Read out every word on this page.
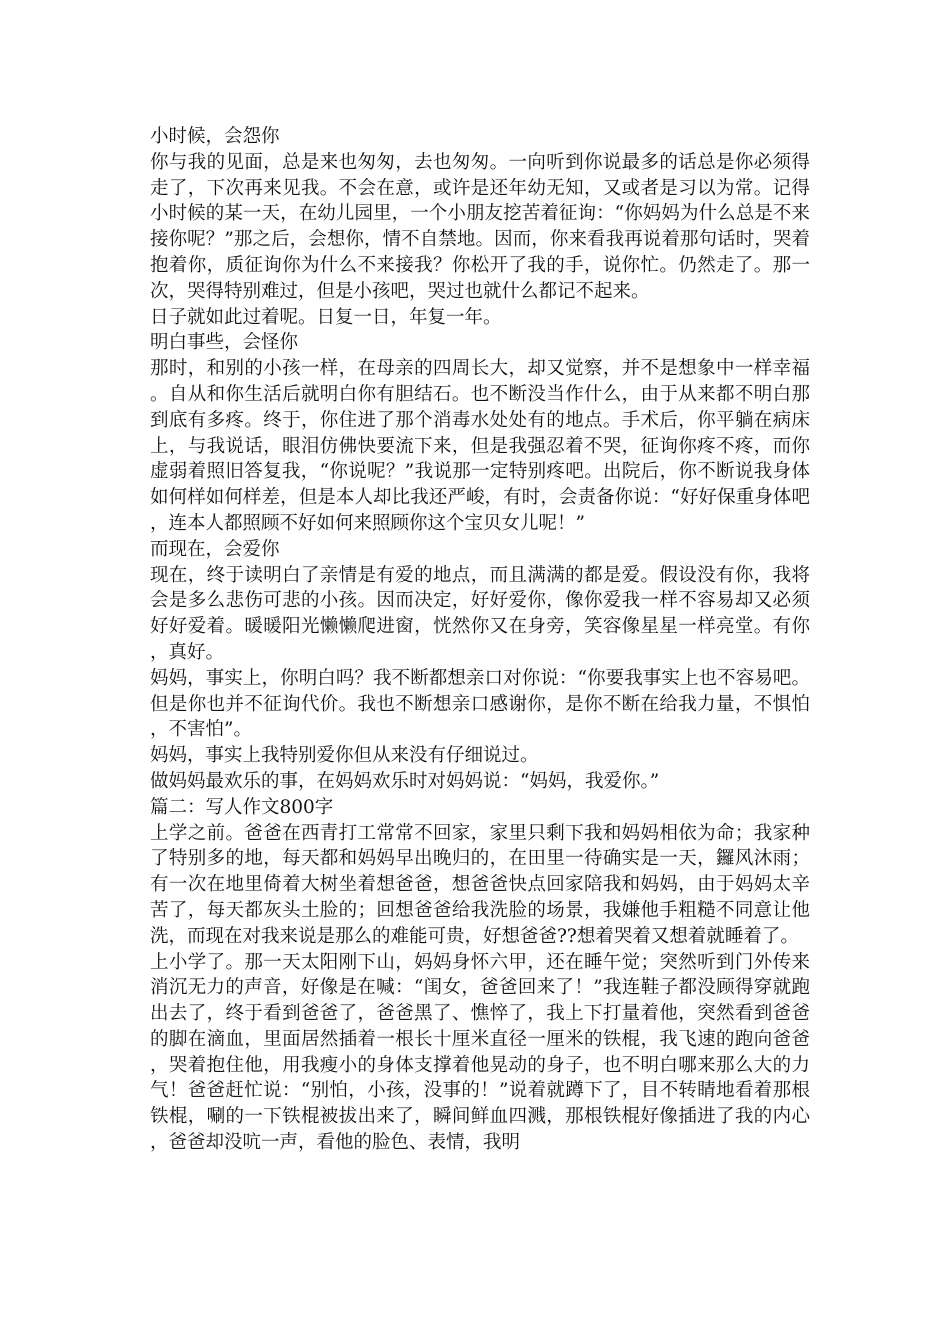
小时候，会怨你

你与我的见面，总是来也匆匆，去也匆匆。一向听到你说最多的话总是你必须得走了，下次再来见我。不会在意，或许是还年幼无知，又或者是习以为常。记得小时候的某一天，在幼儿园里，一个小朋友挖苦着征询：“你妈妈为什么总是不来接你呢？”那之后，会想你，情不自禁地。因而，你来看我再说着那句话时，哭着抱着你，质征询你为什么不来接我？你松开了我的手，说你忙。仍然走了。那一次，哭得特别难过，但是小孩吧，哭过也就什么都记不起来。

日子就如此过着呢。日复一日，年复一年。

明白事些，会怪你

那时，和别的小孩一样，在母亲的四周长大，却又觉察，并不是想象中一样幸福。自从和你生活后就明白你有胆结石。也不断没当作什么，由于从来都不明白那到底有多疼。终于，你住进了那个消毒水处处有的地点。手术后，你平躺在病床上，与我说话，眼泪仿佛快要流下来，但是我强忍着不哭，征询你疼不疼，而你虚弱着照旧答复我，“你说呢？”我说那一定特别疼吧。出院后，你不断说我身体如何样如何样差，但是本人却比我还严峻，有时，会责备你说：“好好保重身体吧，连本人都照顾不好如何来照顾你这个宝贝女儿呢！”

而现在，会爱你

现在，终于读明白了亲情是有爱的地点，而且满满的都是爱。假设没有你，我将会是多么悲伤可悲的小孩。因而决定，好好爱你，像你爱我一样不容易却又必须好好爱着。暖暖阳光懒懒爬进窗，恍然你又在身旁，笑容像星星一样亮堂。有你，真好。

妈妈，事实上，你明白吗？我不断都想亲口对你说：“你要我事实上也不容易吧。但是你也并不征询代价。我也不断想亲口感谢你，是你不断在给我力量，不惧怕，不害怕”。

妈妈，事实上我特别爱你但从来没有仔细说过。

做妈妈最欢乐的事，在妈妈欢乐时对妈妈说：“妈妈，我爱你。”

篇二：写人作文800字

上学之前。爸爸在西青打工常常不回家，家里只剩下我和妈妈相依为命；我家种了特别多的地，每天都和妈妈早出晚归的，在田里一待确实是一天，鑼风沐雨；有一次在地里倚着大树坐着想爸爸，想爸爸快点回家陪我和妈妈，由于妈妈太辛苦了，每天都灰头土脸的；回想爸爸给我洗脸的场景，我嫌他手粗糙不同意让他洗，而现在对我来说是那么的难能可贵，好想爸爸??想着哭着又想着就睡着了。

上小学了。那一天太阳刚下山，妈妈身怀六甲，还在睡午觉；突然听到门外传来消沉无力的声音，好像是在喊：“闺女，爸爸回来了！”我连鞋子都没顾得穿就跑出去了，终于看到爸爸了，爸爸黑了、憔悴了，我上下打量着他，突然看到爸爸的脚在滴血，里面居然插着一根长十厘米直径一厘米的铁棍，我飞速的跑向爸爸，哭着抱住他，用我瘦小的身体支撑着他晃动的身子，也不明白哪来那么大的力气！爸爸赶忙说：“别怕，小孩，没事的！”说着就蹲下了，目不转睛地看着那根铁棍，唰的一下铁棍被拔出来了，瞬间鲜血四溅，那根铁棍好像插进了我的内心，爸爸却没吭一声，看他的脸色、表情，我明
